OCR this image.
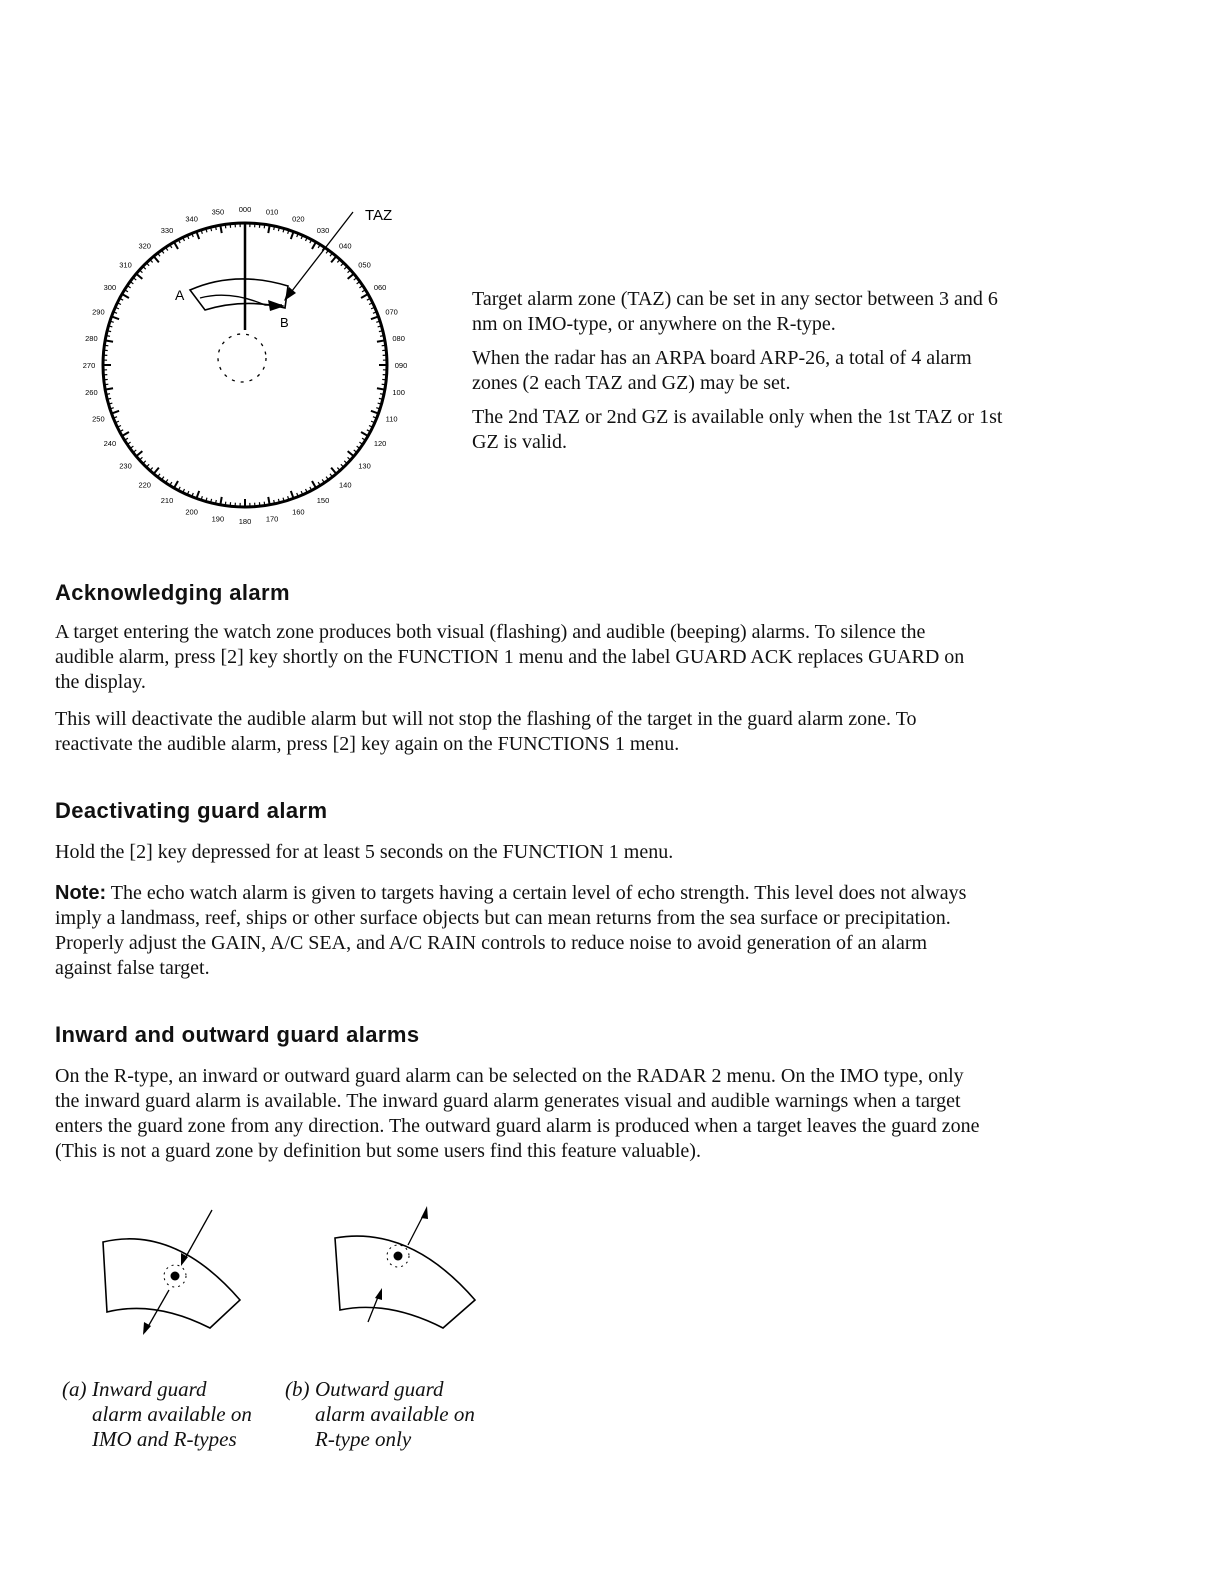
000 010
020
030
040
050
060
070
080
090
100
110
120
130
140
150
160
170
180
190
200
210
220
230
240
250
260
270
280
290
300
310
320
330
340
350	TAZ
A
B

Target alarm zone (TAZ) can be set in any sector between 3 and 6 nm on IMO-type, or anywhere on the R-type.

When the radar has an ARPA board ARP-26, a total of 4 alarm zones (2 each TAZ and GZ) may be set.

The 2nd TAZ or 2nd GZ is available only when the 1st TAZ or 1st GZ is valid.

Acknowledging alarm

A target entering the watch zone produces both visual (flashing) and audible (beeping) alarms. To silence the audible alarm, press [2] key shortly on the FUNCTION 1 menu and the label GUARD ACK replaces GUARD on the display.

This will deactivate the audible alarm but will not stop the flashing of the target in the guard alarm zone. To reactivate the audible alarm, press [2] key again on the FUNCTIONS 1 menu.

Deactivating guard alarm

Hold the [2] key depressed for at least 5 seconds on the FUNCTION 1 menu.

Note: The echo watch alarm is given to targets having a certain level of echo strength. This level does not always imply a landmass, reef, ships or other surface objects but can mean returns from the sea surface or precipitation. Properly adjust the GAIN, A/C SEA, and A/C RAIN controls to reduce noise to avoid generation of an alarm against false target.

Inward and outward guard alarms

On the R-type, an inward or outward guard alarm can be selected on the RADAR 2 menu. On the IMO type, only the inward guard alarm is available. The inward guard alarm generates visual and audible warnings when a target enters the guard zone from any direction. The outward guard alarm is produced when a target leaves the guard zone (This is not a guard zone by definition but some users find this feature valuable).

(a) Inward guard
alarm available on
IMO and R-types
(b) Outward guard
alarm available on
R-type only
